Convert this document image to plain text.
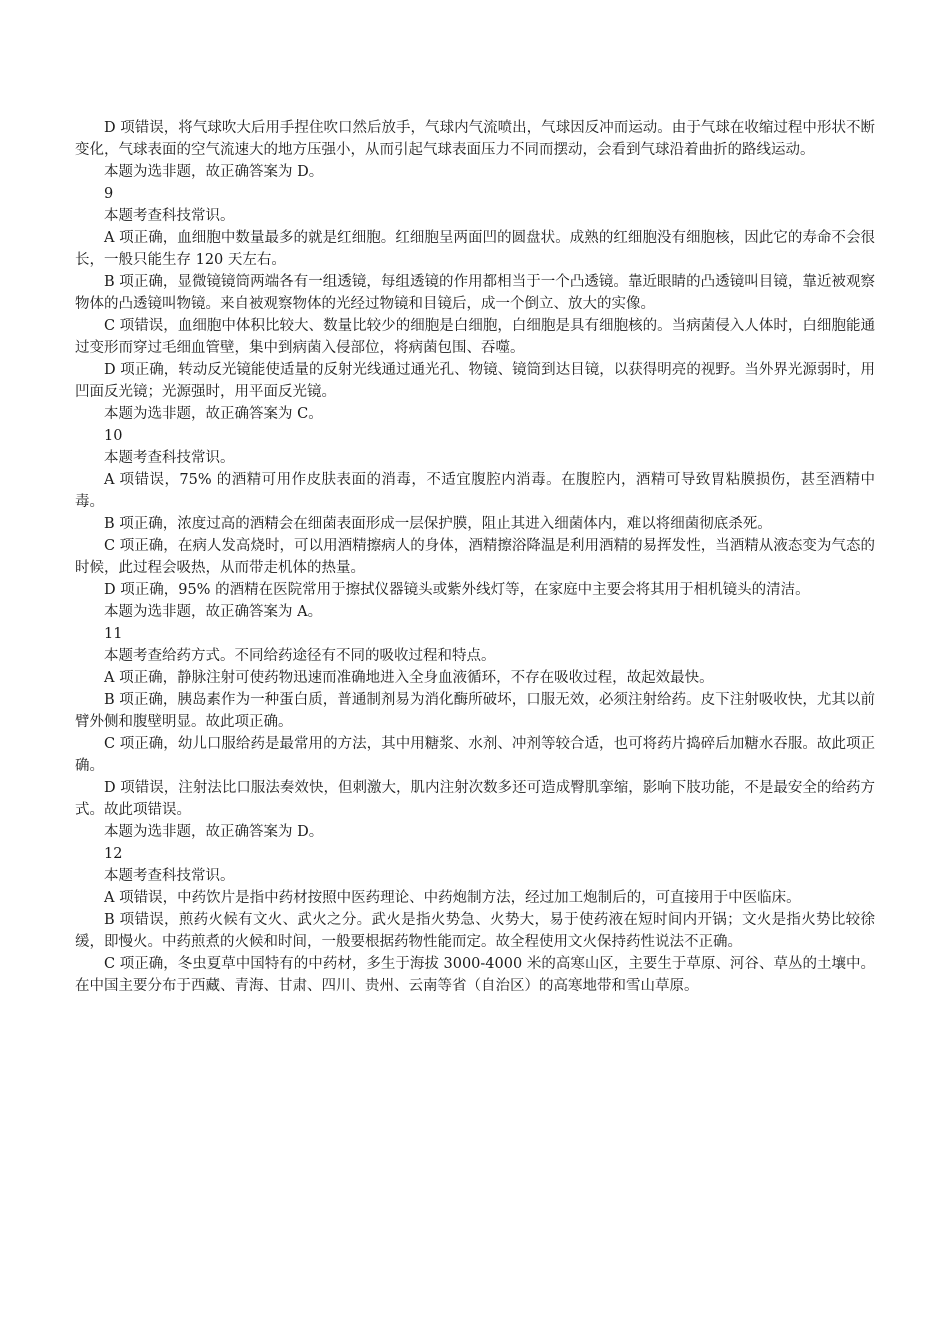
D 项错误，将气球吹大后用手捏住吹口然后放手，气球内气流喷出，气球因反冲而运动。由于气球在收缩过程中形状不断变化，气球表面的空气流速大的地方压强小，从而引起气球表面压力不同而摆动，会看到气球沿着曲折的路线运动。

本题为选非题，故正确答案为 D。

9

本题考查科技常识。

A 项正确，血细胞中数量最多的就是红细胞。红细胞呈两面凹的圆盘状。成熟的红细胞没有细胞核，因此它的寿命不会很长，一般只能生存 120 天左右。

B 项正确，显微镜镜筒两端各有一组透镜，每组透镜的作用都相当于一个凸透镜。靠近眼睛的凸透镜叫目镜，靠近被观察物体的凸透镜叫物镜。来自被观察物体的光经过物镜和目镜后，成一个倒立、放大的实像。

C 项错误，血细胞中体积比较大、数量比较少的细胞是白细胞，白细胞是具有细胞核的。当病菌侵入人体时，白细胞能通过变形而穿过毛细血管壁，集中到病菌入侵部位，将病菌包围、吞噬。

D 项正确，转动反光镜能使适量的反射光线通过通光孔、物镜、镜筒到达目镜，以获得明亮的视野。当外界光源弱时，用凹面反光镜；光源强时，用平面反光镜。

本题为选非题，故正确答案为 C。

10

本题考查科技常识。

A 项错误，75% 的酒精可用作皮肤表面的消毒，不适宜腹腔内消毒。在腹腔内，酒精可导致胃粘膜损伤，甚至酒精中毒。

B 项正确，浓度过高的酒精会在细菌表面形成一层保护膜，阻止其进入细菌体内，难以将细菌彻底杀死。

C 项正确，在病人发高烧时，可以用酒精擦病人的身体，酒精擦浴降温是利用酒精的易挥发性，当酒精从液态变为气态的时候，此过程会吸热，从而带走机体的热量。

D 项正确，95% 的酒精在医院常用于擦拭仪器镜头或紫外线灯等，在家庭中主要会将其用于相机镜头的清洁。

本题为选非题，故正确答案为 A。

11

本题考查给药方式。不同给药途径有不同的吸收过程和特点。

A 项正确，静脉注射可使药物迅速而准确地进入全身血液循环，不存在吸收过程，故起效最快。

B 项正确，胰岛素作为一种蛋白质，普通制剂易为消化酶所破坏，口服无效，必须注射给药。皮下注射吸收快，尤其以前臂外侧和腹壁明显。故此项正确。

C 项正确，幼儿口服给药是最常用的方法，其中用糖浆、水剂、冲剂等较合适，也可将药片捣碎后加糖水吞服。故此项正确。

D 项错误，注射法比口服法奏效快，但刺激大，肌内注射次数多还可造成臀肌挛缩，影响下肢功能，不是最安全的给药方式。故此项错误。

本题为选非题，故正确答案为 D。

12

本题考查科技常识。

A 项错误，中药饮片是指中药材按照中医药理论、中药炮制方法，经过加工炮制后的，可直接用于中医临床。

B 项错误，煎药火候有文火、武火之分。武火是指火势急、火势大，易于使药液在短时间内开锅；文火是指火势比较徐缓，即慢火。中药煎煮的火候和时间，一般要根据药物性能而定。故全程使用文火保持药性说法不正确。

C 项正确，冬虫夏草中国特有的中药材，多生于海拔 3000-4000 米的高寒山区，主要生于草原、河谷、草丛的土壤中。在中国主要分布于西藏、青海、甘肃、四川、贵州、云南等省（自治区）的高寒地带和雪山草原。
